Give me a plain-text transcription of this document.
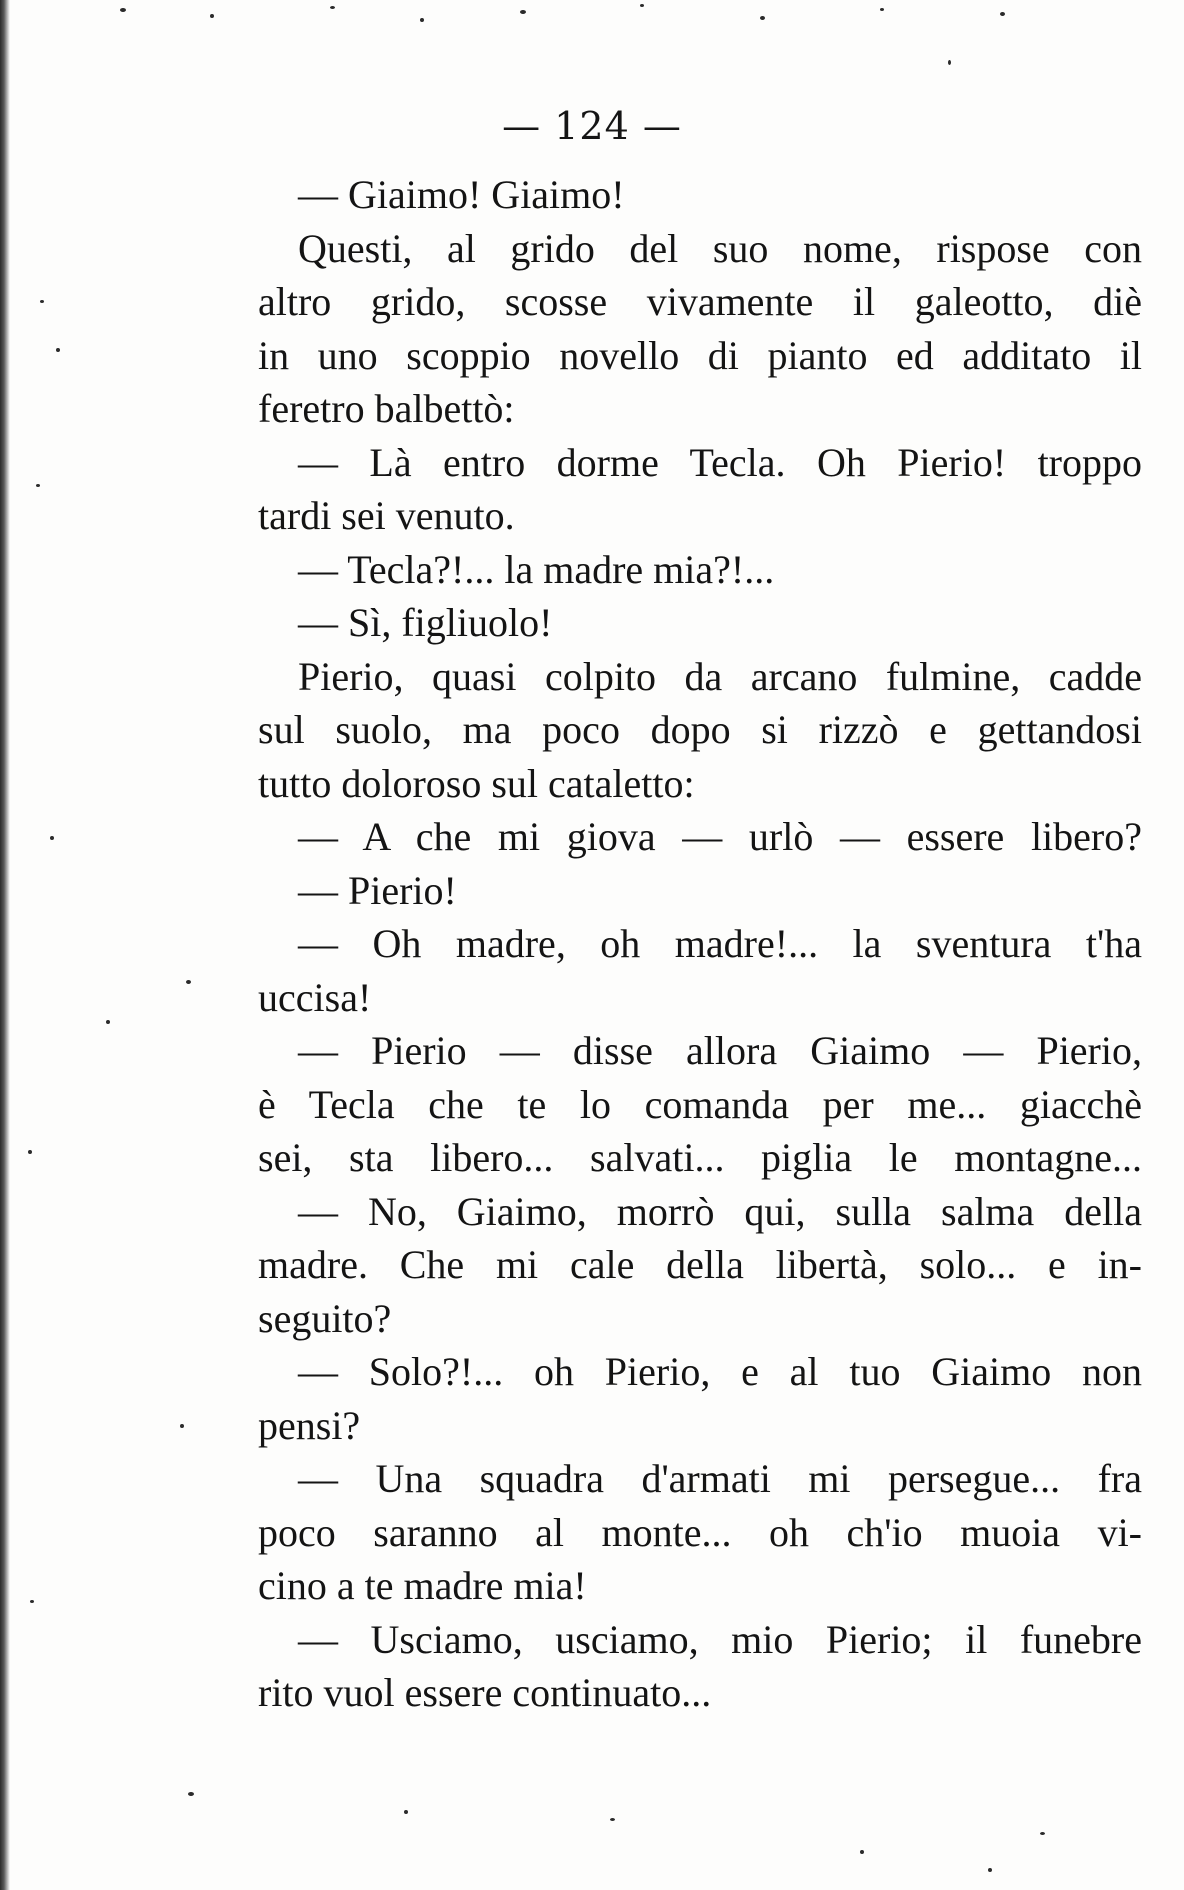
— 124 —
— Giaimo! Giaimo!
Questi, al grido del suo nome, rispose con
altro grido, scosse vivamente il galeotto, diè
in uno scoppio novello di pianto ed additato il
feretro balbettò:
— Là entro dorme Tecla. Oh Pierio! troppo
tardi sei venuto.
— Tecla?!... la madre mia?!...
— Sì, figliuolo!
Pierio, quasi colpito da arcano fulmine, cadde
sul suolo, ma poco dopo si rizzò e gettandosi
tutto doloroso sul cataletto:
— A che mi giova — urlò — essere libero?
— Pierio!
— Oh madre, oh madre!... la sventura t'ha
uccisa!
— Pierio — disse allora Giaimo — Pierio,
è Tecla che te lo comanda per me... giacchè
sei, sta libero... salvati... piglia le montagne...
— No, Giaimo, morrò qui, sulla salma della
madre. Che mi cale della libertà, solo... e in-
seguito?
— Solo?!... oh Pierio, e al tuo Giaimo non
pensi?
— Una squadra d'armati mi persegue... fra
poco saranno al monte... oh ch'io muoia vi-
cino a te madre mia!
— Usciamo, usciamo, mio Pierio; il funebre
rito vuol essere continuato...
